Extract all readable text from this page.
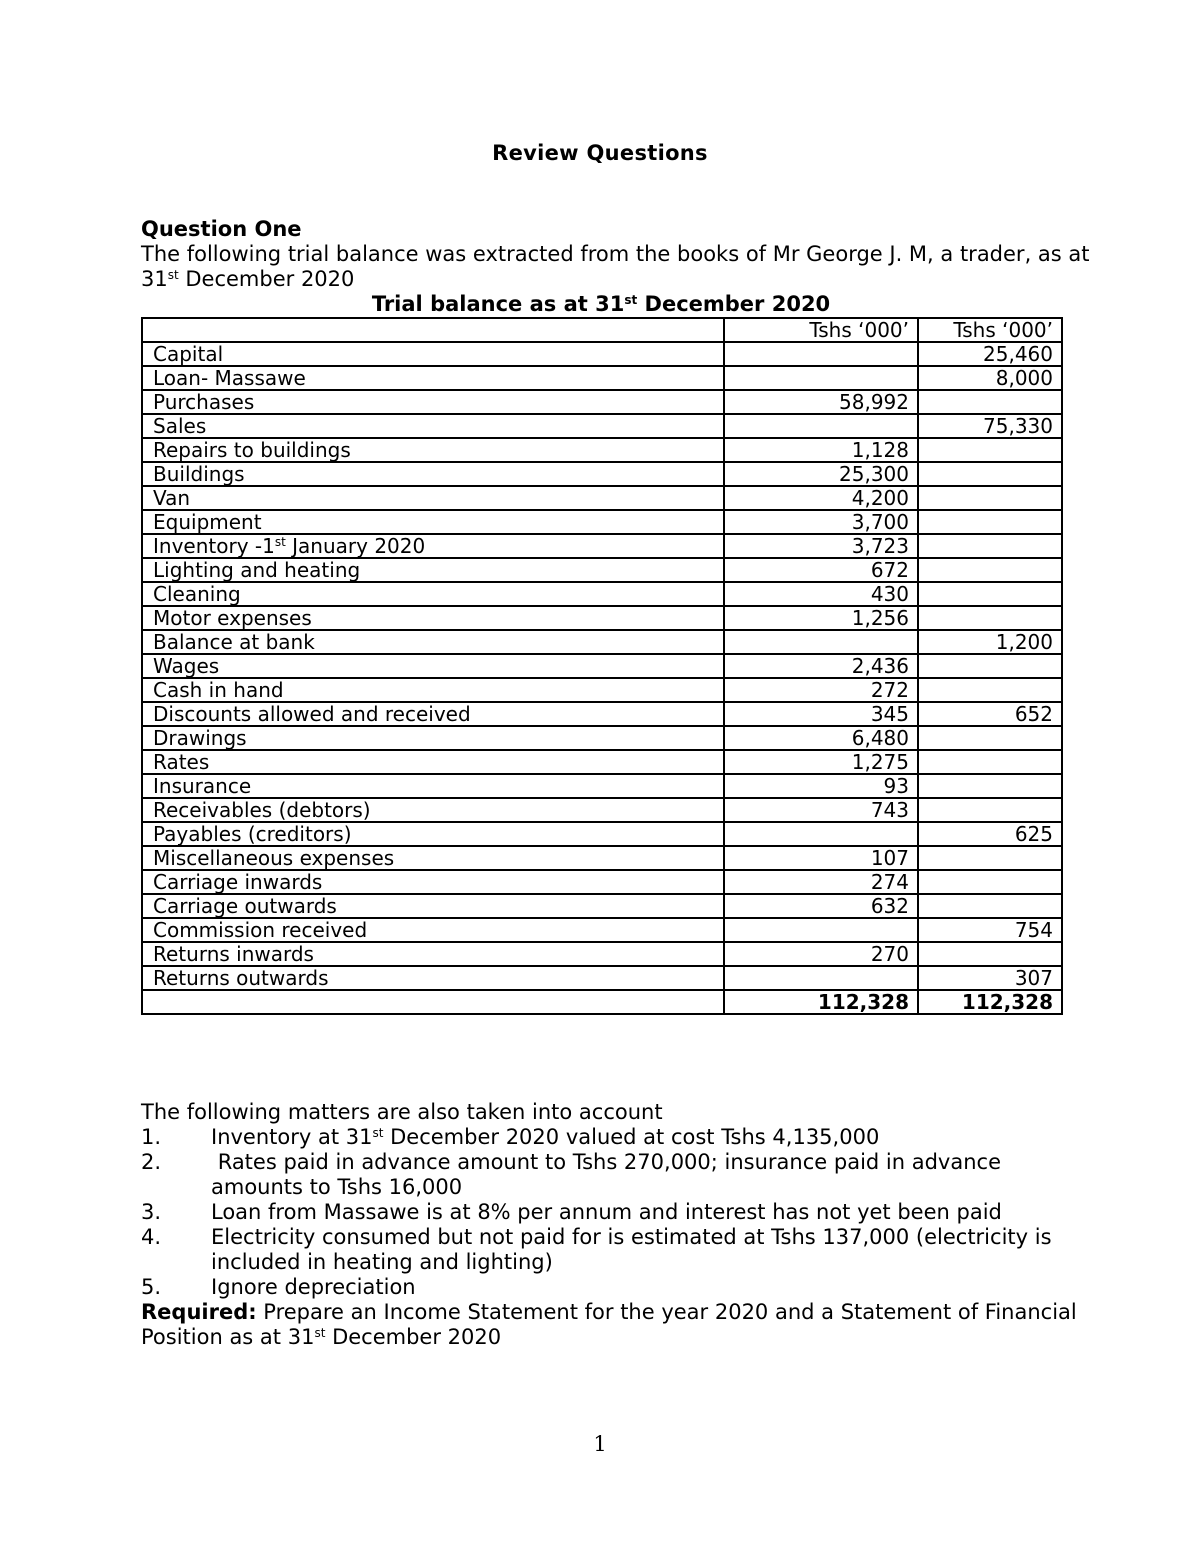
Review Questions
Question One
The following trial balance was extracted from the books of Mr George J. M, a trader, as at 31st December 2020
Trial balance as at 31st December 2020
	Tshs ‘000’	Tshs ‘000’
Capital		25,460
Loan- Massawe		8,000
Purchases	58,992	
Sales		75,330
Repairs to buildings	1,128	
Buildings	25,300	
Van	4,200	
Equipment	3,700	
Inventory -1st January 2020	3,723	
Lighting and heating	672	
Cleaning	430	
Motor expenses	1,256	
Balance at bank		1,200
Wages	2,436	
Cash in hand	272	
Discounts allowed and received	345	652
Drawings	6,480	
Rates	1,275	
Insurance	93	
Receivables (debtors)	743	
Payables (creditors)		625
Miscellaneous expenses	107	
Carriage inwards	274	
Carriage outwards	632	
Commission received		754
Returns inwards	270	
Returns outwards		307
	112,328	112,328
The following matters are also taken into account
1.	Inventory at 31st December 2020 valued at cost Tshs 4,135,000
2.	Rates paid in advance amount to Tshs 270,000; insurance paid in advance amounts to Tshs 16,000
3.	Loan from Massawe is at 8% per annum and interest has not yet been paid
4.	Electricity consumed but not paid for is estimated at Tshs 137,000 (electricity is included in heating and lighting)
5.	Ignore depreciation
Required: Prepare an Income Statement for the year 2020 and a Statement of Financial Position as at 31st December 2020
1
